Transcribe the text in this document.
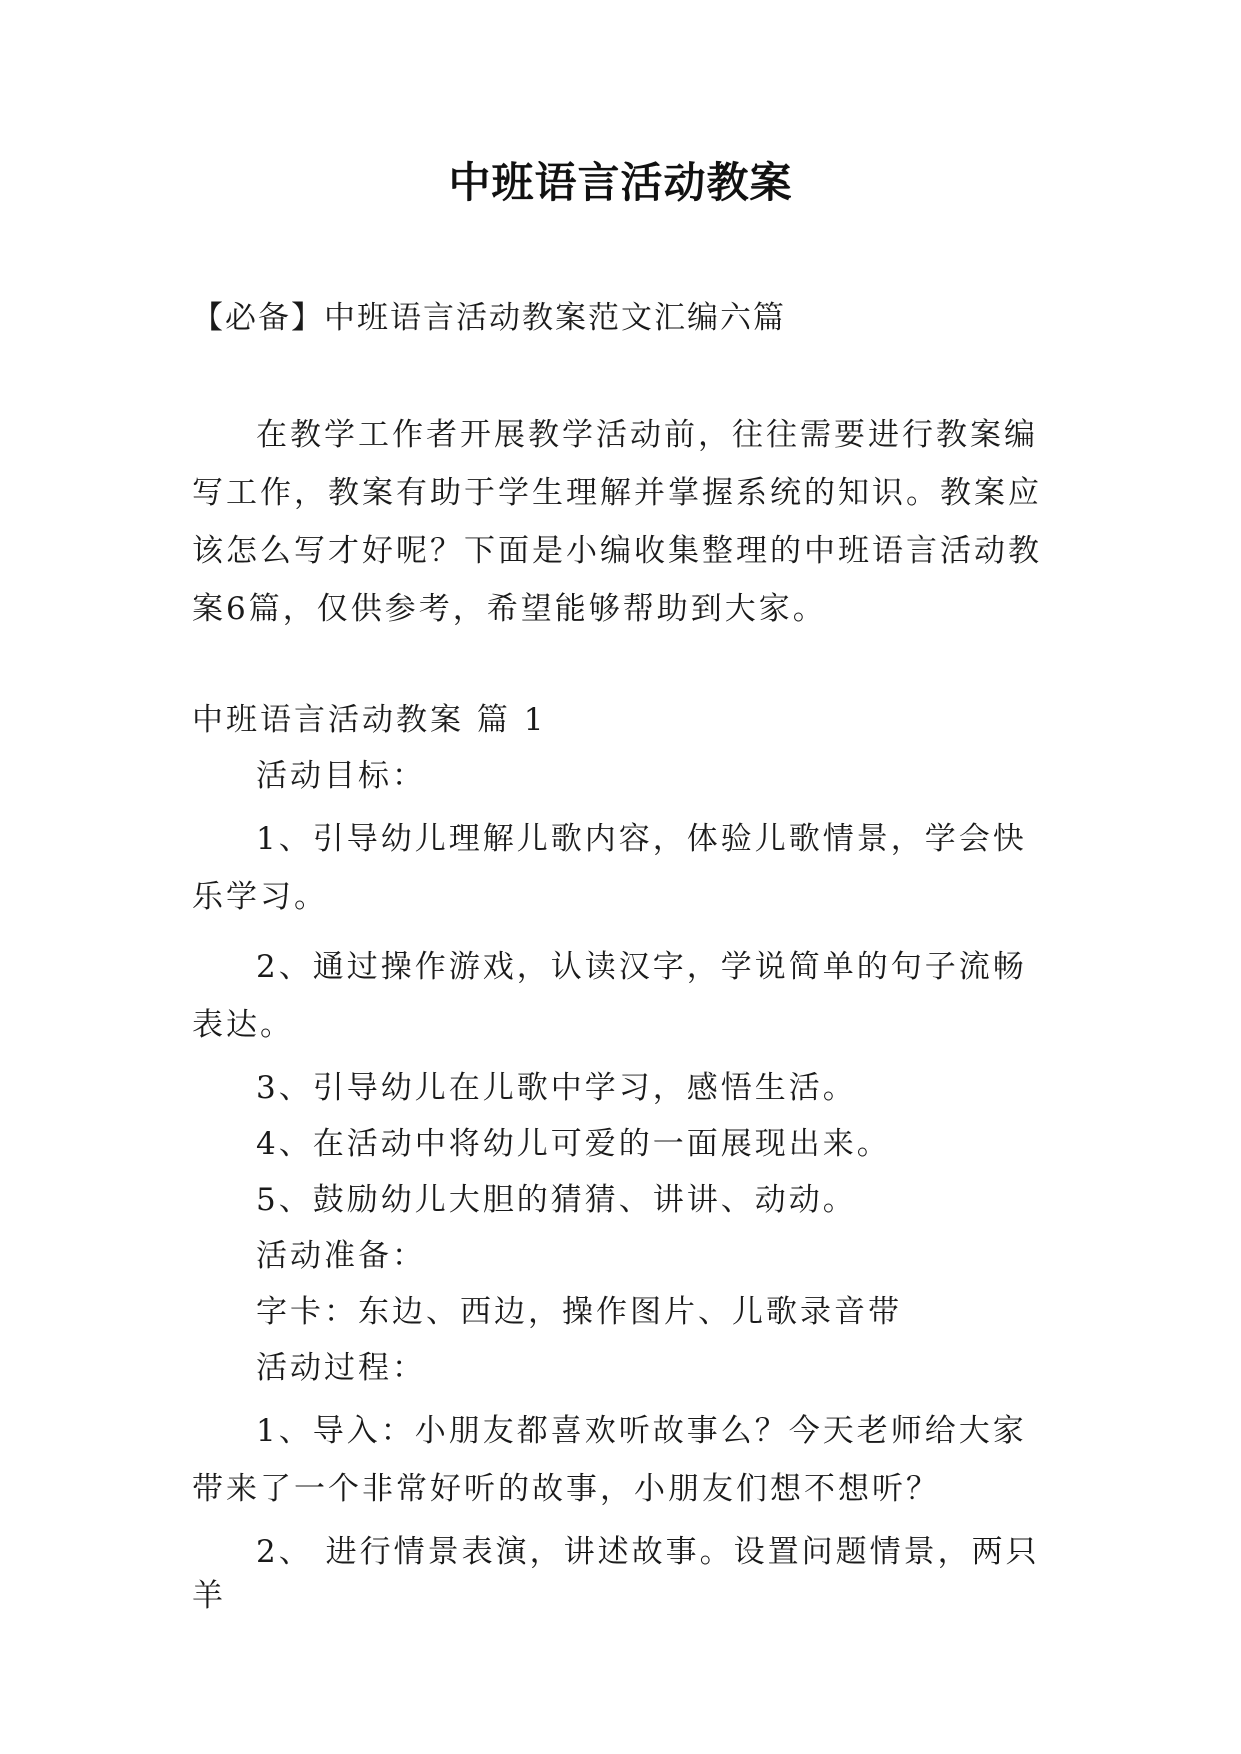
中班语言活动教案
【必备】中班语言活动教案范文汇编六篇

在教学工作者开展教学活动前，往往需要进行教案编写工作，教案有助于学生理解并掌握系统的知识。教案应该怎么写才好呢？下面是小编收集整理的中班语言活动教案6篇，仅供参考，希望能够帮助到大家。

中班语言活动教案 篇 1

活动目标：

1、引导幼儿理解儿歌内容，体验儿歌情景，学会快乐学习。

2、通过操作游戏，认读汉字，学说简单的句子流畅表达。

3、引导幼儿在儿歌中学习，感悟生活。

4、在活动中将幼儿可爱的一面展现出来。

5、鼓励幼儿大胆的猜猜、讲讲、动动。

活动准备：

字卡：东边、西边，操作图片、儿歌录音带

活动过程：

1、导入：小朋友都喜欢听故事么？今天老师给大家带来了一个非常好听的故事，小朋友们想不想听？

2、 进行情景表演，讲述故事。设置问题情景，两只羊
